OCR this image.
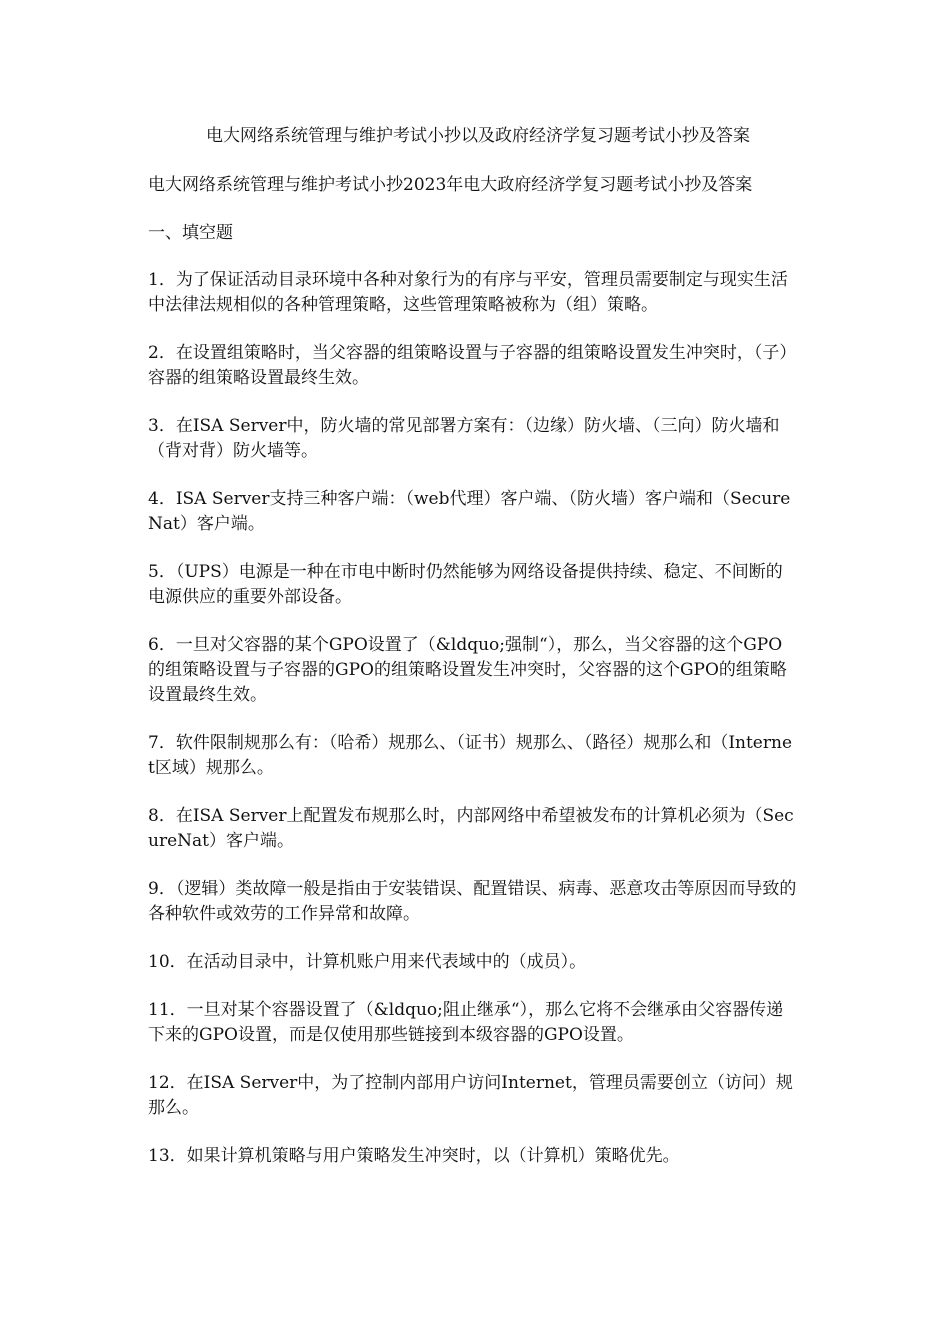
电大网络系统管理与维护考试小抄以及政府经济学复习题考试小抄及答案
电大网络系统管理与维护考试小抄2023年电大政府经济学复习题考试小抄及答案
一、填空题
1．为了保证活动目录环境中各种对象行为的有序与平安，管理员需要制定与现实生活中法律法规相似的各种管理策略，这些管理策略被称为（组）策略。
2．在设置组策略时，当父容器的组策略设置与子容器的组策略设置发生冲突时，（子）容器的组策略设置最终生效。
3．在ISA Server中，防火墙的常见部署方案有：（边缘）防火墙、（三向）防火墙和（背对背）防火墙等。
4．ISA Server支持三种客户端：（web代理）客户端、（防火墙）客户端和（SecureNat）客户端。
5．（UPS）电源是一种在市电中断时仍然能够为网络设备提供持续、稳定、不间断的电源供应的重要外部设备。
6．一旦对父容器的某个GPO设置了（&ldquo;强制“），那么，当父容器的这个GPO的组策略设置与子容器的GPO的组策略设置发生冲突时，父容器的这个GPO的组策略设置最终生效。
7．软件限制规那么有：（哈希）规那么、（证书）规那么、（路径）规那么和（Internet区域）规那么。
8．在ISA Server上配置发布规那么时，内部网络中希望被发布的计算机必须为（SecureNat）客户端。
9．（逻辑）类故障一般是指由于安装错误、配置错误、病毒、恶意攻击等原因而导致的各种软件或效劳的工作异常和故障。
10．在活动目录中，计算机账户用来代表域中的（成员）。
11．一旦对某个容器设置了（&ldquo;阻止继承“），那么它将不会继承由父容器传递下来的GPO设置，而是仅使用那些链接到本级容器的GPO设置。
12．在ISA Server中，为了控制内部用户访问Internet，管理员需要创立（访问）规那么。
13．如果计算机策略与用户策略发生冲突时，以（计算机）策略优先。
